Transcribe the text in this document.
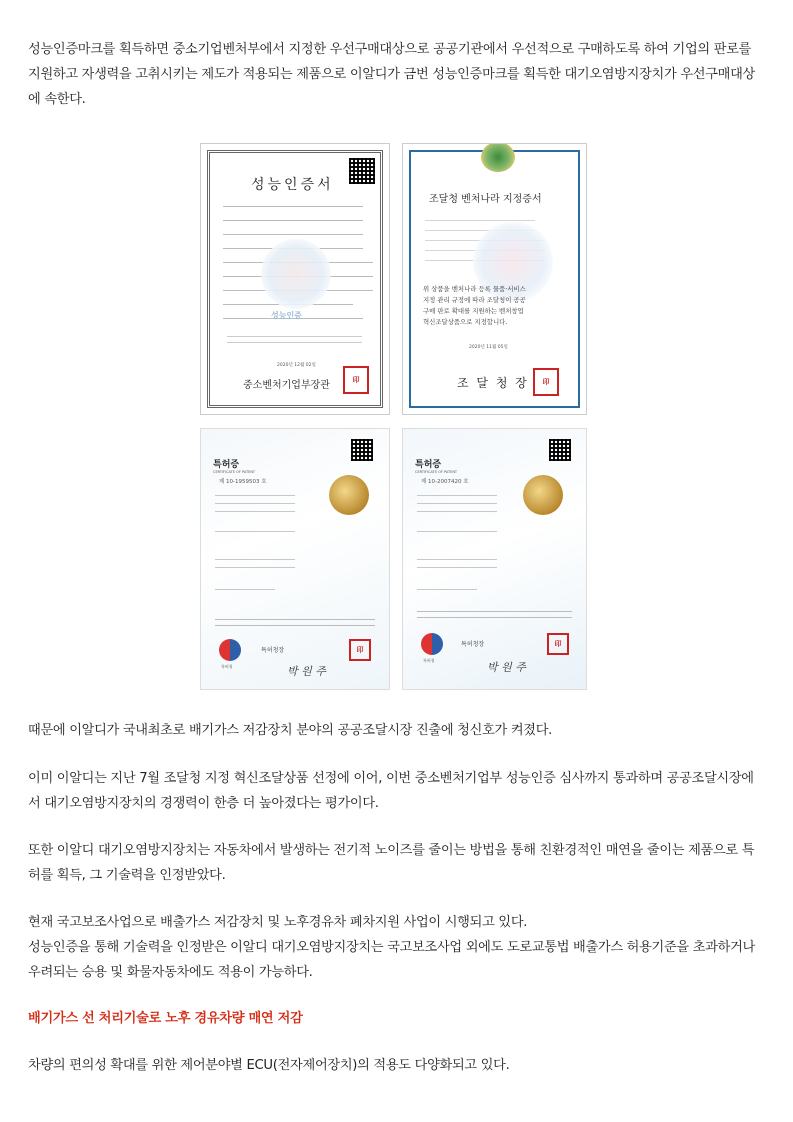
성능인증마크를 획득하면 중소기업벤처부에서 지정한 우선구매대상으로 공공기관에서 우선적으로 구매하도록 하여 기업의 판로를
지원하고 자생력을 고취시키는 제도가 적용되는 제품으로 이알디가 금번 성능인증마크를 획득한 대기오염방지장치가 우선구매대상
에 속한다.

성능인증서
성능인증
2020년 12월 02일
중소벤처기업부장관	印
조달청 벤처나라 지정증서
위 상품을 벤처나라 등록 물품·서비스
지정 관리 규정에 따라 조달청이 공공
구매 판로 확대를 지원하는 벤처창업
혁신조달상품으로 지정합니다.
2020년 11월 05일
조 달 청 장	印
특허증
CERTIFICATE OF PATENT
제 10-1959503 호
특허청
특허청장
박 원 주
印
특허증
CERTIFICATE OF PATENT
제 10-2007420 호
특허청
특허청장
박 원 주
印

때문에 이알디가 국내최초로 배기가스 저감장치 분야의 공공조달시장 진출에 청신호가 켜졌다.

이미 이알디는 지난 7월 조달청 지정 혁신조달상품 선정에 이어, 이번 중소벤처기업부 성능인증 심사까지 통과하며 공공조달시장에
서 대기오염방지장치의 경쟁력이 한층 더 높아졌다는 평가이다.

또한 이알디 대기오염방지장치는 자동차에서 발생하는 전기적 노이즈를 줄이는 방법을 통해 친환경적인 매연을 줄이는 제품으로 특
허를 획득, 그 기술력을 인정받았다.

현재 국고보조사업으로 배출가스 저감장치 및 노후경유차 폐차지원 사업이 시행되고 있다.
성능인증을 통해 기술력을 인정받은 이알디 대기오염방지장치는 국고보조사업 외에도 도로교통법 배출가스 허용기준을 초과하거나
우려되는 승용 및 화물자동차에도 적용이 가능하다.

배기가스 선 처리기술로 노후 경유차량 매연 저감

차량의 편의성 확대를 위한 제어분야별 ECU(전자제어장치)의 적용도 다양화되고 있다.
